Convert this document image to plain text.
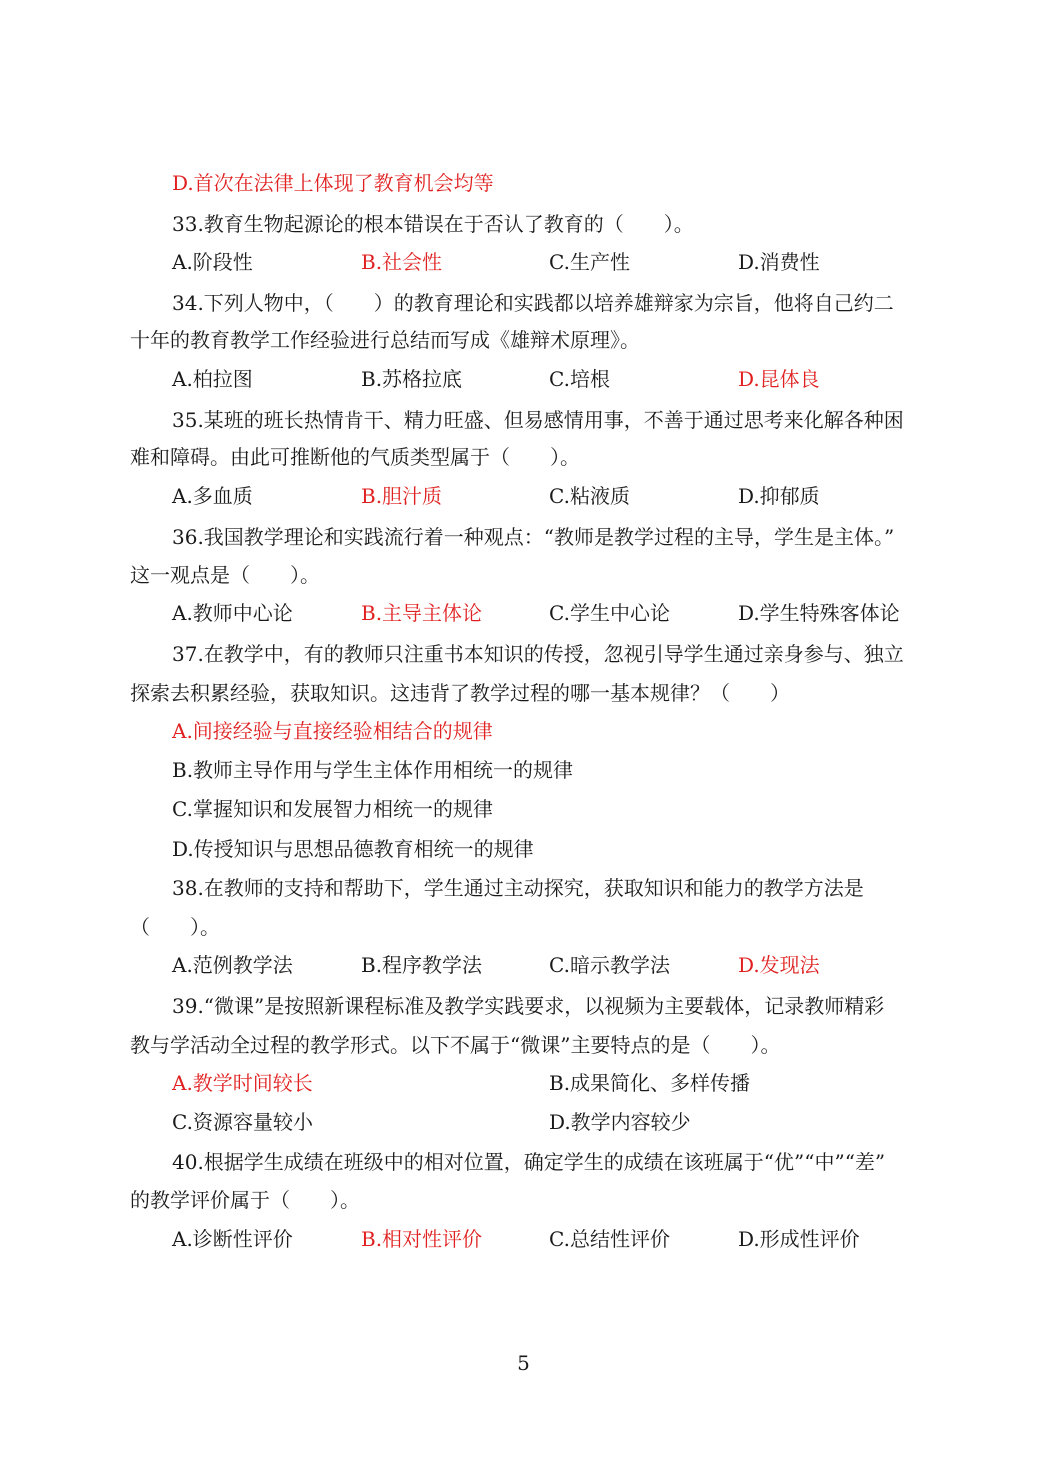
D.首次在法律上体现了教育机会均等
33.教育生物起源论的根本错误在于否认了教育的（　　）。
A.阶段性	B.社会性	C.生产性	D.消费性
34.下列人物中，（　　）的教育理论和实践都以培养雄辩家为宗旨，他将自己约二
十年的教育教学工作经验进行总结而写成《雄辩术原理》。
A.柏拉图	B.苏格拉底	C.培根	D.昆体良
35.某班的班长热情肯干、精力旺盛、但易感情用事，不善于通过思考来化解各种困
难和障碍。由此可推断他的气质类型属于（　　）。
A.多血质	B.胆汁质	C.粘液质	D.抑郁质
36.我国教学理论和实践流行着一种观点：“教师是教学过程的主导，学生是主体。”
这一观点是（　　）。
A.教师中心论	B.主导主体论	C.学生中心论	D.学生特殊客体论
37.在教学中，有的教师只注重书本知识的传授，忽视引导学生通过亲身参与、独立
探索去积累经验，获取知识。这违背了教学过程的哪一基本规律？（　　）
A.间接经验与直接经验相结合的规律
B.教师主导作用与学生主体作用相统一的规律
C.掌握知识和发展智力相统一的规律
D.传授知识与思想品德教育相统一的规律
38.在教师的支持和帮助下，学生通过主动探究，获取知识和能力的教学方法是
（　　）。
A.范例教学法	B.程序教学法	C.暗示教学法	D.发现法
39.“微课”是按照新课程标准及教学实践要求，以视频为主要载体，记录教师精彩
教与学活动全过程的教学形式。以下不属于“微课”主要特点的是（　　）。
A.教学时间较长	B.成果简化、多样传播
C.资源容量较小	D.教学内容较少
40.根据学生成绩在班级中的相对位置，确定学生的成绩在该班属于“优”“中”“差”
的教学评价属于（　　）。
A.诊断性评价	B.相对性评价	C.总结性评价	D.形成性评价
5
